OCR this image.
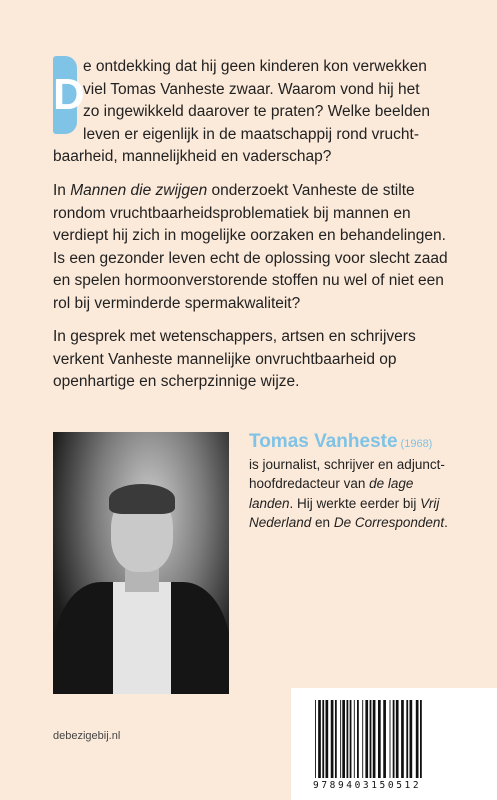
D
e ontdekking dat hij geen kinderen kon verwekken
viel Tomas Vanheste zwaar. Waarom vond hij het
zo ingewikkeld daarover te praten? Welke beelden
leven er eigenlijk in de maatschappij rond vrucht-
baarheid, mannelijkheid en vaderschap?

In Mannen die zwijgen onderzoekt Vanheste de stilte rondom vruchtbaarheidsproblematiek bij mannen en verdiept hij zich in mogelijke oorzaken en behandelingen. Is een gezonder leven echt de oplossing voor slecht zaad en spelen hormoonverstorende stoffen nu wel of niet een rol bij verminderde spermakwaliteit?

In gesprek met wetenschappers, artsen en schrijvers verkent Vanheste mannelijke onvruchtbaarheid op openhartige en scherpzinnige wijze.

Tomas Vanheste (1968)
is journalist, schrijver en adjunct-hoofdredacteur van de lage landen. Hij werkte eerder bij Vrij Nederland en De Correspondent.
debezigebij.nl
9789403150512
